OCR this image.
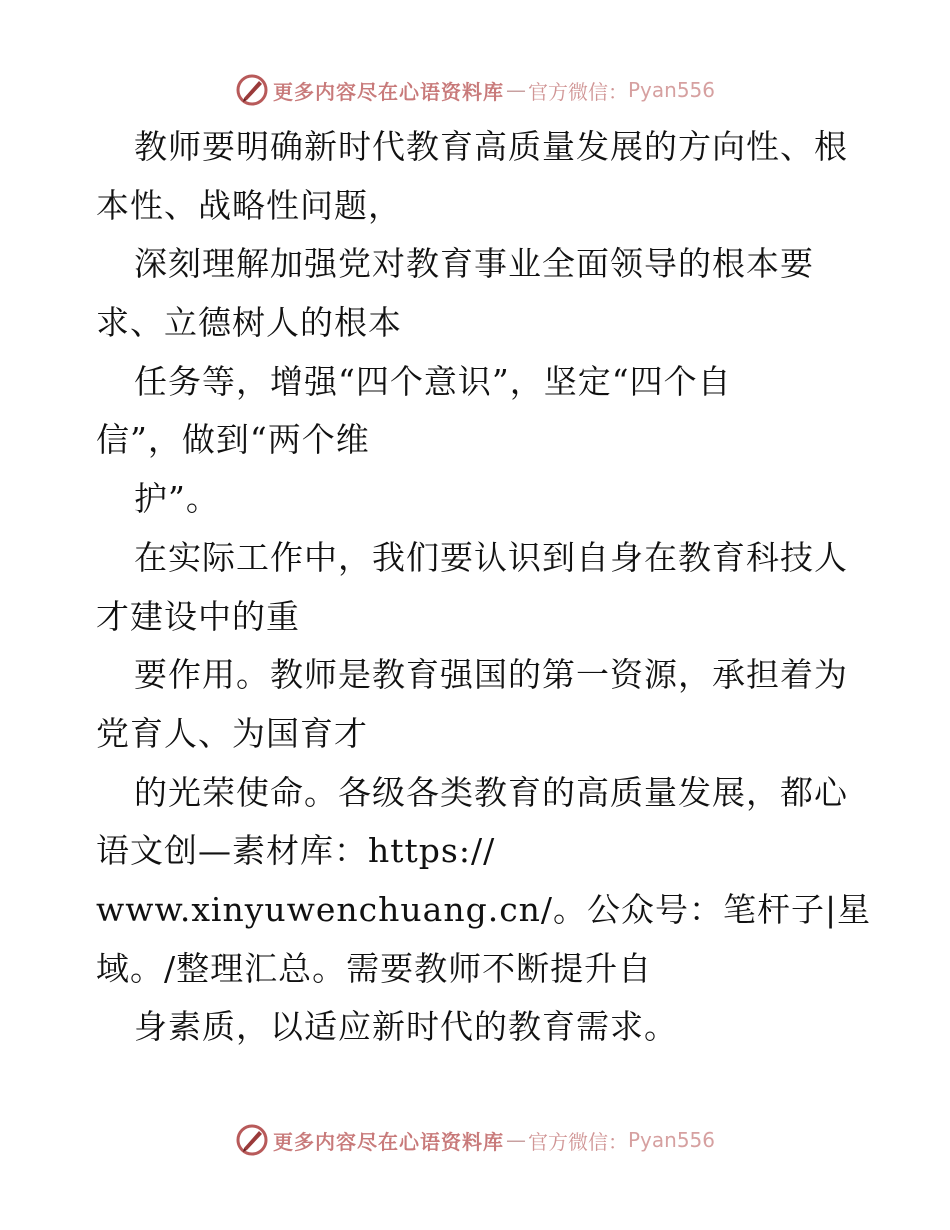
更多内容尽在心语资料库 — 官方微信： Pyan556
教师要明确新时代教育高质量发展的方向性、根
本性、战略性问题，
深刻理解加强党对教育事业全面领导的根本要
求、立德树人的根本
任务等，增强“四个意识”，坚定“四个自
信”，做到“两个维
护”。
在实际工作中，我们要认识到自身在教育科技人
才建设中的重
要作用。教师是教育强国的第一资源，承担着为
党育人、为国育才
的光荣使命。各级各类教育的高质量发展，都心
语文创—素材库：https://
www.xinyuwenchuang.cn/。公众号：笔杆子|星
域。/整理汇总。需要教师不断提升自
身素质，以适应新时代的教育需求。
更多内容尽在心语资料库 — 官方微信： Pyan556
